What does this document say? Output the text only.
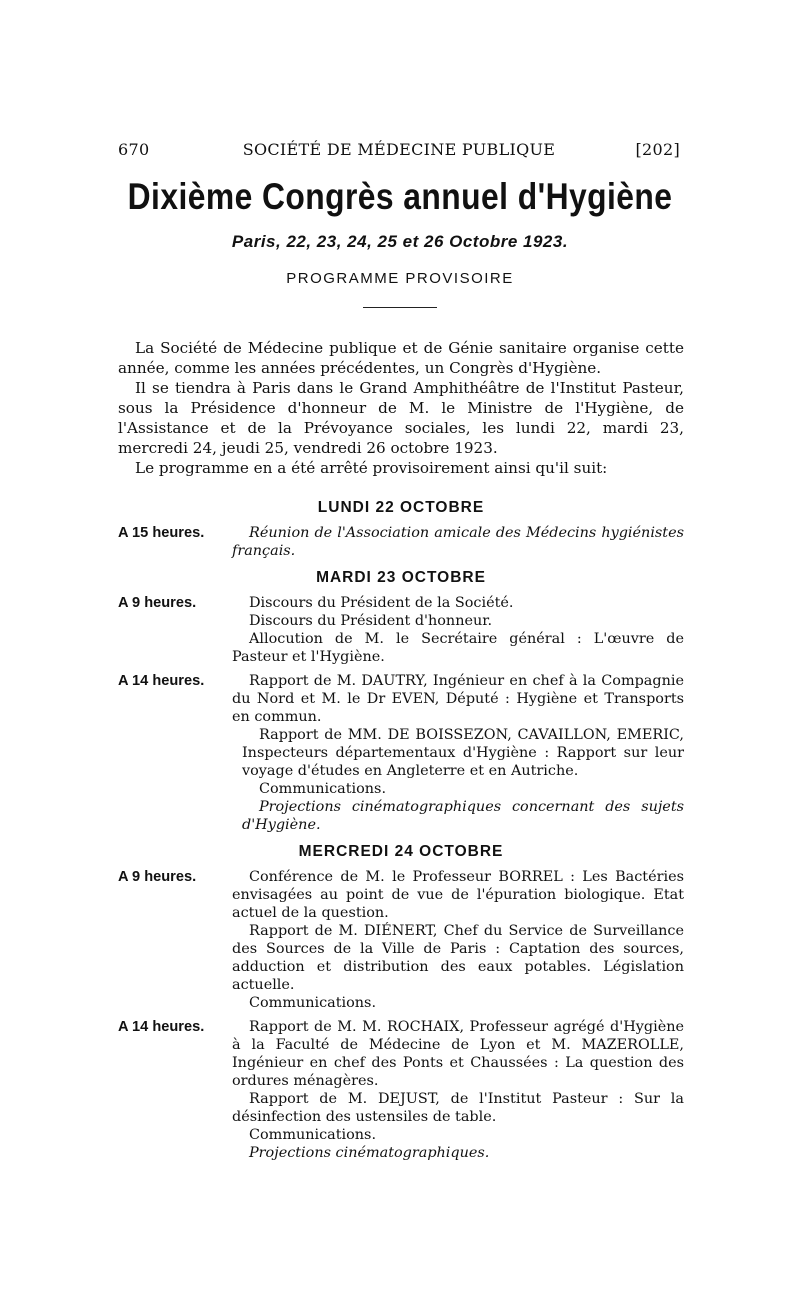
670	SOCIÉTÉ DE MÉDECINE PUBLIQUE	[202]
Dixième Congrès annuel d'Hygiène
Paris, 22, 23, 24, 25 et 26 Octobre 1923.
PROGRAMME PROVISOIRE

La Société de Médecine publique et de Génie sanitaire organise cette année, comme les années précédentes, un Congrès d'Hygiène.

Il se tiendra à Paris dans le Grand Amphithéâtre de l'Institut Pasteur, sous la Présidence d'honneur de M. le Ministre de l'Hygiène, de l'Assistance et de la Prévoyance sociales, les lundi 22, mardi 23, mercredi 24, jeudi 25, vendredi 26 octobre 1923.

Le programme en a été arrêté provisoirement ainsi qu'il suit:

LUNDI 22 OCTOBRE
A 15 heures.	Réunion de l'Association amicale des Médecins hygiénistes français.

MARDI 23 OCTOBRE
A 9 heures.	Discours du Président de la Société.

Discours du Président d'honneur.

Allocution de M. le Secrétaire général : L'œuvre de Pasteur et l'Hygiène.

A 14 heures.	Rapport de M. DAUTRY, Ingénieur en chef à la Compagnie du Nord et M. le Dr EVEN, Député : Hygiène et Transports en commun.

Rapport de MM. DE BOISSEZON, CAVAILLON, EMERIC, Inspecteurs départementaux d'Hygiène : Rapport sur leur voyage d'études en Angleterre et en Autriche.

Communications.

Projections cinématographiques concernant des sujets d'Hygiène.

MERCREDI 24 OCTOBRE
A 9 heures.	Conférence de M. le Professeur BORREL : Les Bactéries envisagées au point de vue de l'épuration biologique. Etat actuel de la question.

Rapport de M. DIÉNERT, Chef du Service de Surveillance des Sources de la Ville de Paris : Captation des sources, adduction et distribution des eaux potables. Législation actuelle.

Communications.

A 14 heures.	Rapport de M. M. ROCHAIX, Professeur agrégé d'Hygiène à la Faculté de Médecine de Lyon et M. MAZEROLLE, Ingénieur en chef des Ponts et Chaussées : La question des ordures ménagères.

Rapport de M. DEJUST, de l'Institut Pasteur : Sur la désinfection des ustensiles de table.

Communications.

Projections cinématographiques.
